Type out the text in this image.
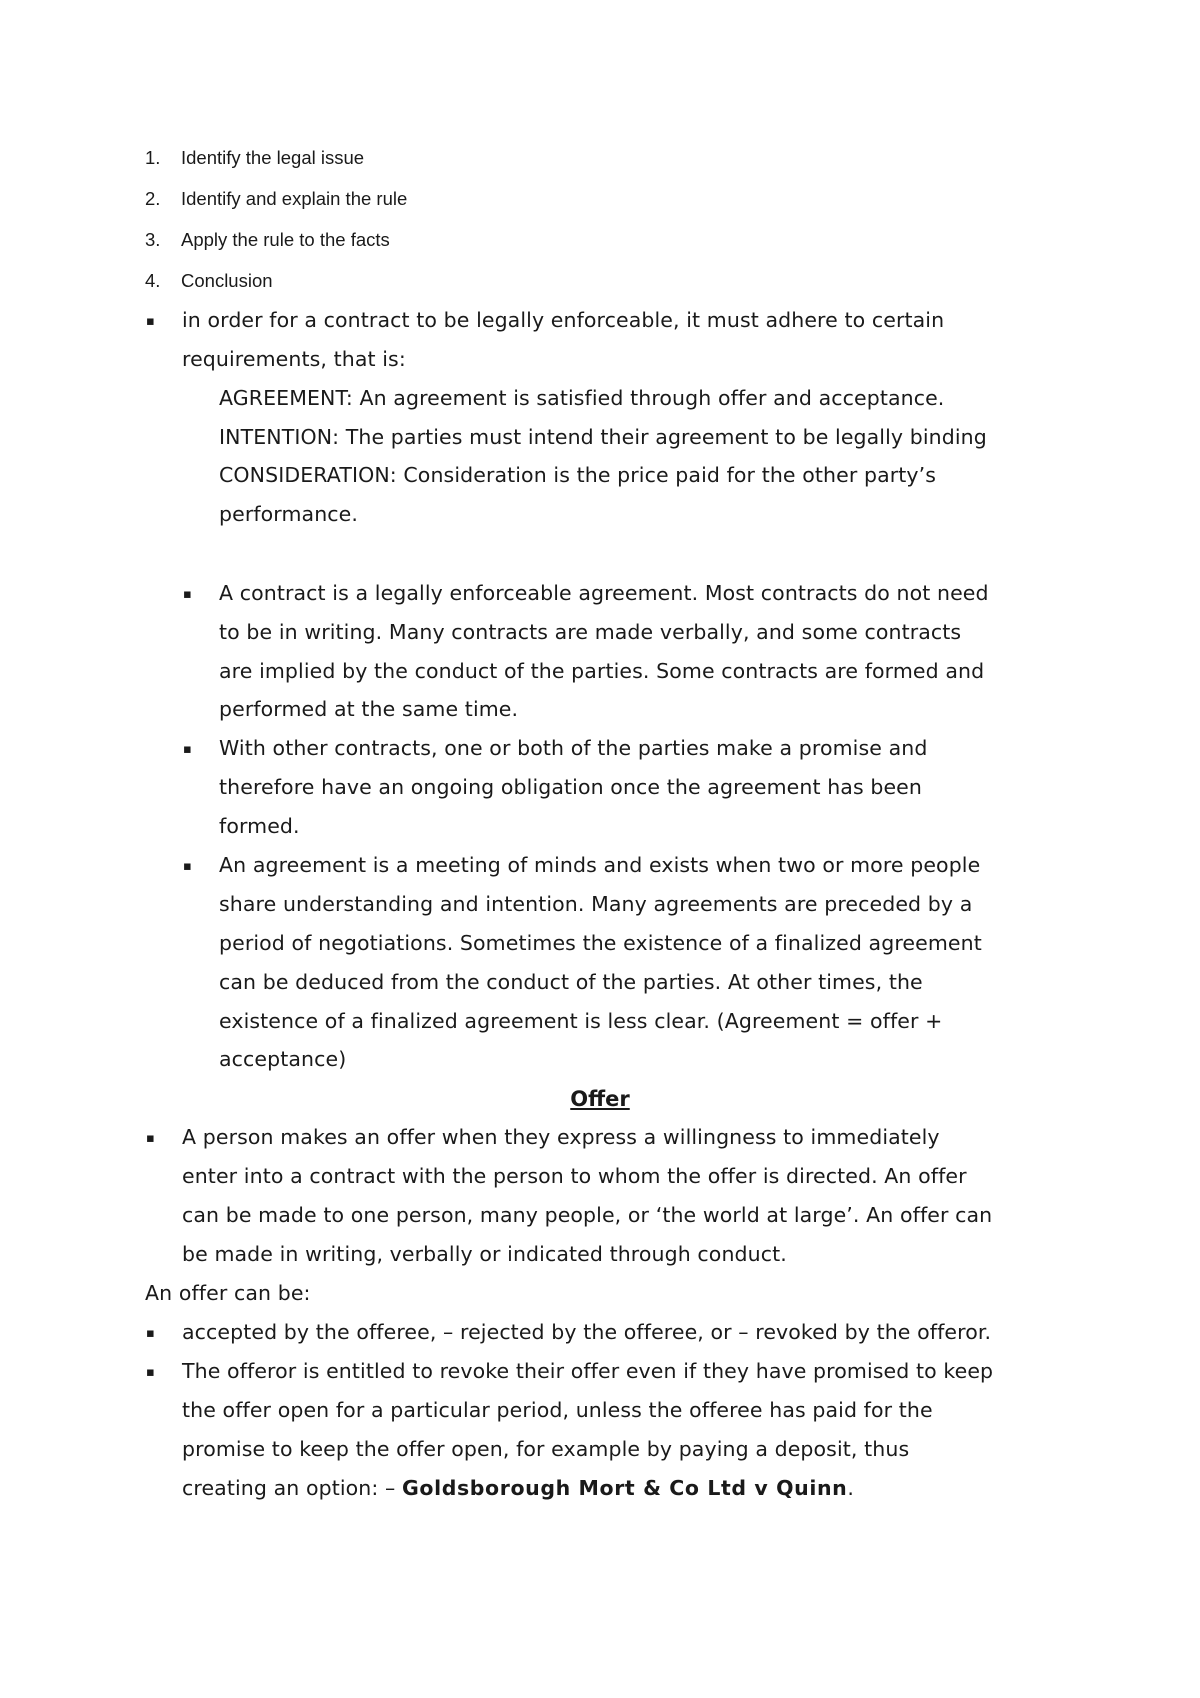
1. Identify the legal issue
2. Identify and explain the rule
3. Apply the rule to the facts
4. Conclusion
▪ in order for a contract to be legally enforceable, it must adhere to certain
requirements, that is:
AGREEMENT: An agreement is satisfied through offer and acceptance.
INTENTION: The parties must intend their agreement to be legally binding
CONSIDERATION: Consideration is the price paid for the other party’s
performance.
▪ A contract is a legally enforceable agreement. Most contracts do not need
to be in writing. Many contracts are made verbally, and some contracts
are implied by the conduct of the parties. Some contracts are formed and
performed at the same time.
▪ With other contracts, one or both of the parties make a promise and
therefore have an ongoing obligation once the agreement has been
formed.
▪ An agreement is a meeting of minds and exists when two or more people
share understanding and intention. Many agreements are preceded by a
period of negotiations. Sometimes the existence of a finalized agreement
can be deduced from the conduct of the parties. At other times, the
existence of a finalized agreement is less clear. (Agreement = offer +
acceptance)
Offer
▪ A person makes an offer when they express a willingness to immediately
enter into a contract with the person to whom the offer is directed. An offer
can be made to one person, many people, or ‘the world at large’. An offer can
be made in writing, verbally or indicated through conduct.
An offer can be:
▪ accepted by the offeree, – rejected by the offeree, or – revoked by the offeror.
▪ The offeror is entitled to revoke their offer even if they have promised to keep
the offer open for a particular period, unless the offeree has paid for the
promise to keep the offer open, for example by paying a deposit, thus
creating an option: – Goldsborough Mort & Co Ltd v Quinn.
